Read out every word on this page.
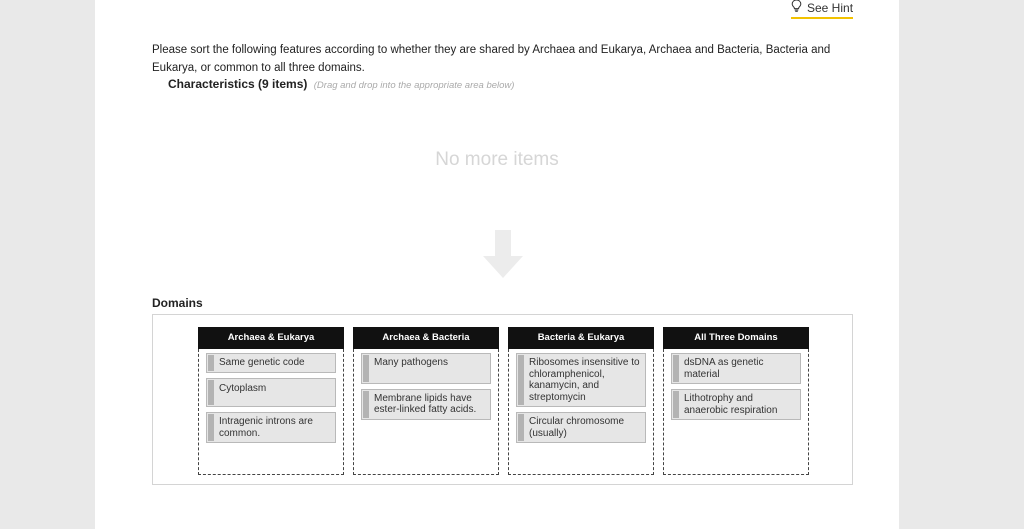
See Hint
Please sort the following features according to whether they are shared by Archaea and Eukarya, Archaea and Bacteria, Bacteria and Eukarya, or common to all three domains.
Characteristics (9 items) (Drag and drop into the appropriate area below)
No more items
Domains
Archaea & Eukarya
Same genetic code
Cytoplasm
Intragenic introns are common.
Archaea & Bacteria
Many pathogens
Membrane lipids have ester-linked fatty acids.
Bacteria & Eukarya
Ribosomes insensitive to chloramphenicol, kanamycin, and streptomycin
Circular chromosome (usually)
All Three Domains
dsDNA as genetic material
Lithotrophy and anaerobic respiration
